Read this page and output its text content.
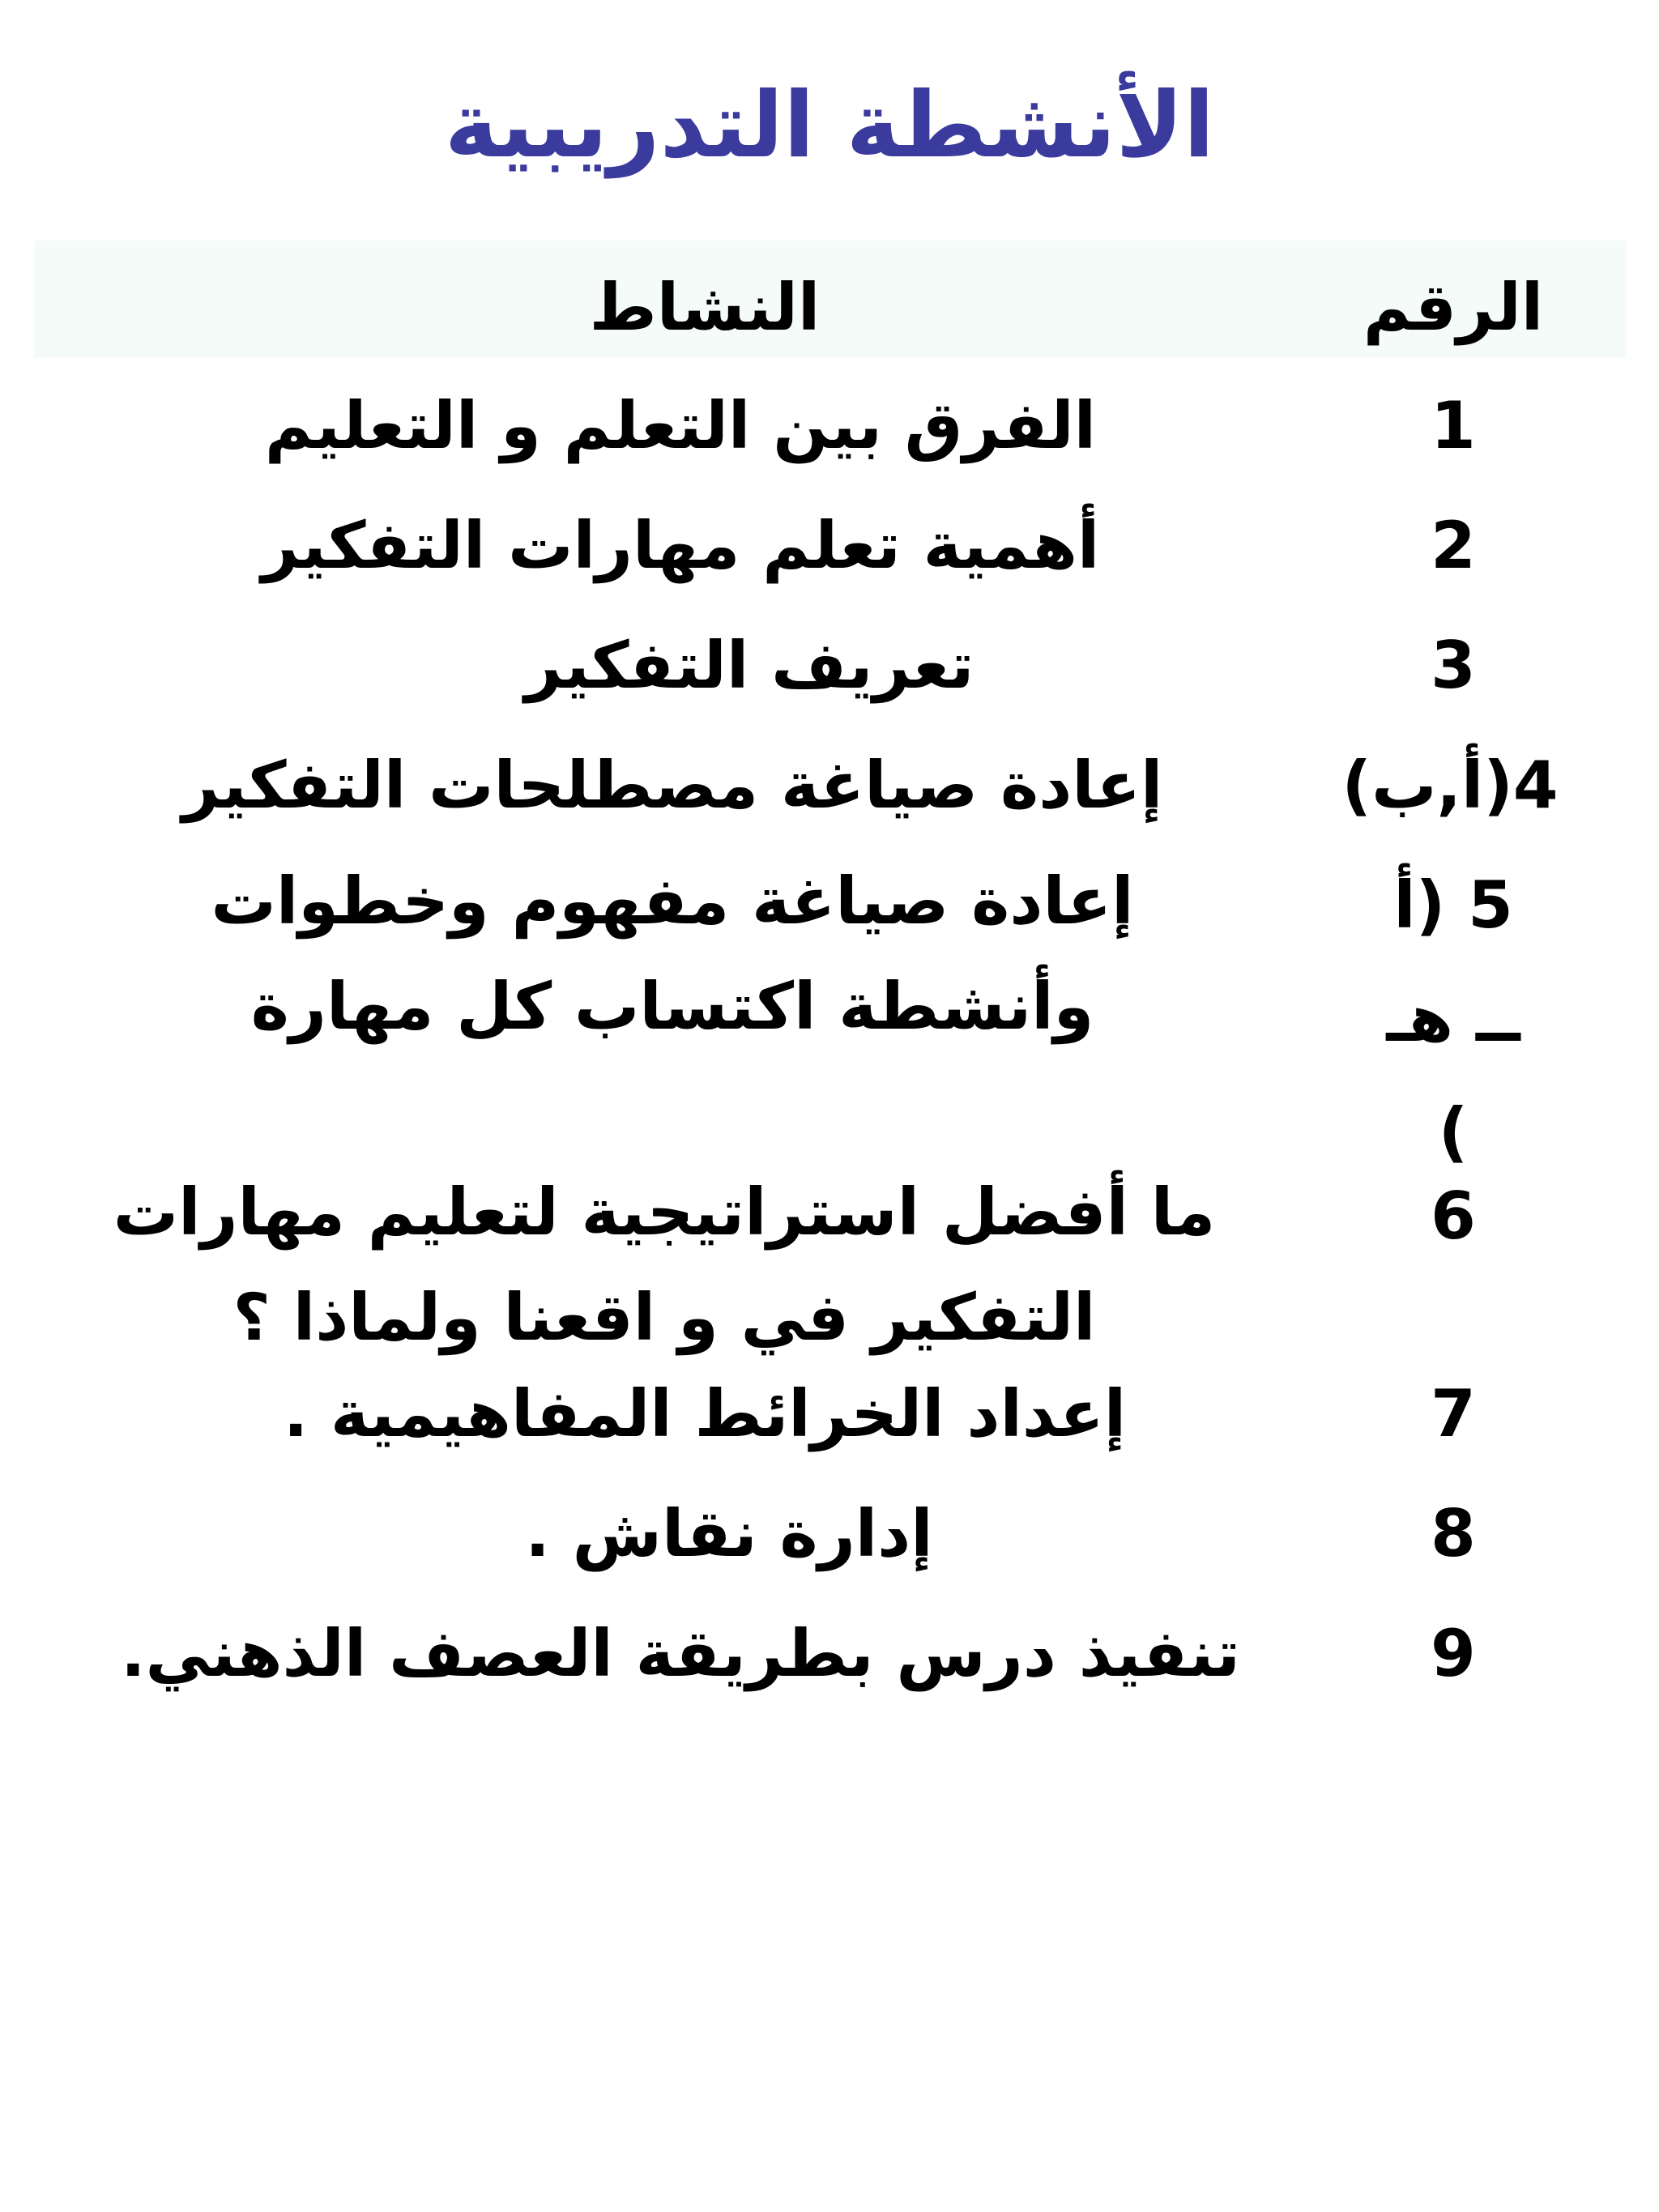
الأنشطة التدريبية
الرقم
النشاط
1
الفرق بين التعلم و التعليم
2
أهمية تعلم مهارات التفكير
3
تعريف التفكير
4(أ,ب)
إعادة صياغة مصطلحات التفكير
5 (أ ــ هـ )
إعادة صياغة مفهوم وخطوات وأنشطة اكتساب كل مهارة
6
ما أفضل استراتيجية لتعليم مهارات التفكير في و اقعنا ولماذا ؟
7
إعداد الخرائط المفاهيمية .
8
إدارة نقاش .
9
تنفيذ درس بطريقة العصف الذهني.
